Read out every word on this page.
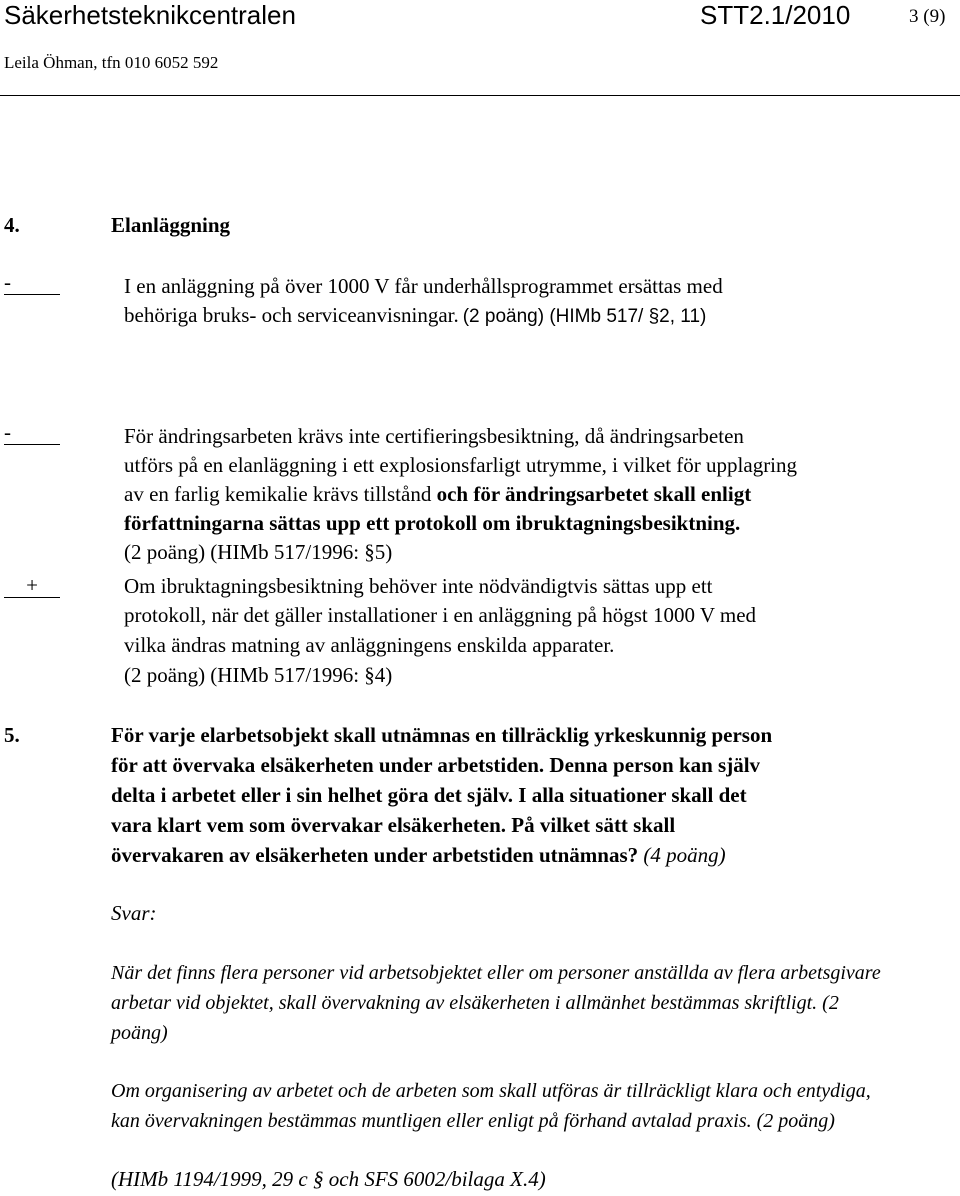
Säkerhetsteknikcentralen	STT2.1/2010	3 (9)
Leila Öhman, tfn 010 6052 592
4.	Elanläggning
-	I en anläggning på över 1000 V får underhållsprogrammet ersättas med
behöriga bruks- och serviceanvisningar. (2 poäng) (HIMb 517/ §2, 11)
-	För ändringsarbeten krävs inte certifieringsbesiktning, då ändringsarbeten
utförs på en elanläggning i ett explosionsfarligt utrymme, i vilket för upplagring
av en farlig kemikalie krävs tillstånd och för ändringsarbetet skall enligt
författningarna sättas upp ett protokoll om ibruktagningsbesiktning.
(2 poäng) (HIMb 517/1996: §5)
+	Om ibruktagningsbesiktning behöver inte nödvändigtvis sättas upp ett
protokoll, när det gäller installationer i en anläggning på högst 1000 V med
vilka ändras matning av anläggningens enskilda apparater.
(2 poäng) (HIMb 517/1996: §4)
5.	För varje elarbetsobjekt skall utnämnas en tillräcklig yrkeskunnig person
för att övervaka elsäkerheten under arbetstiden. Denna person kan själv
delta i arbetet eller i sin helhet göra det själv. I alla situationer skall det
vara klart vem som övervakar elsäkerheten. På vilket sätt skall
övervakaren av elsäkerheten under arbetstiden utnämnas? (4 poäng)
Svar:
När det finns flera personer vid arbetsobjektet eller om personer anställda av flera arbetsgivare
arbetar vid objektet, skall övervakning av elsäkerheten i allmänhet bestämmas skriftligt. (2
poäng)
Om organisering av arbetet och de arbeten som skall utföras är tillräckligt klara och entydiga,
kan övervakningen bestämmas muntligen eller enligt på förhand avtalad praxis. (2 poäng)
(HIMb 1194/1999, 29 c § och SFS 6002/bilaga X.4)
